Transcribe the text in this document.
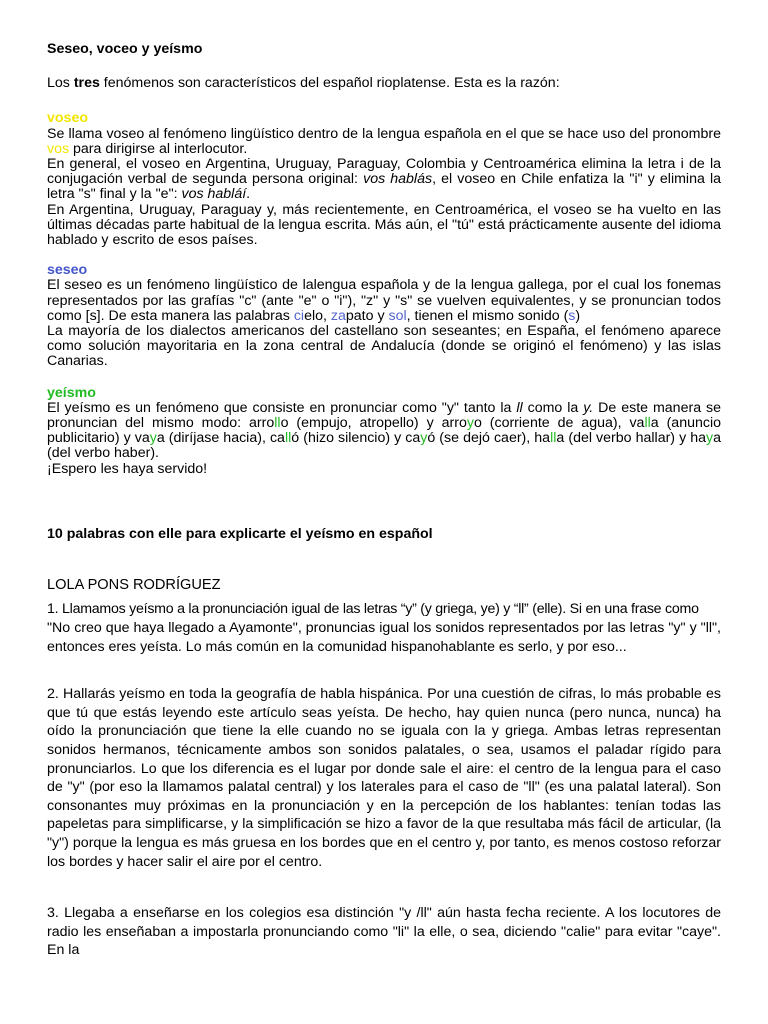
Seseo, voceo y yeísmo

Los tres fenómenos son característicos del español rioplatense. Esta es la razón:

voseo

Se llama voseo al fenómeno lingüístico dentro de la lengua española en el que se hace uso del pronombre vos para dirigirse al interlocutor.

En general, el voseo en Argentina, Uruguay, Paraguay, Colombia y Centroamérica elimina la letra i de la conjugación verbal de segunda persona original: vos hablás, el voseo en Chile enfatiza la "i" y elimina la letra "s" final y la "e": vos habláí.

En Argentina, Uruguay, Paraguay y, más recientemente, en Centroamérica, el voseo se ha vuelto en las últimas décadas parte habitual de la lengua escrita. Más aún, el "tú" está prácticamente ausente del idioma hablado y escrito de esos países.

seseo

El seseo es un fenómeno lingüístico de lalengua española y de la lengua gallega, por el cual los fonemas representados por las grafías "c" (ante "e" o "i"), "z" y "s" se vuelven equivalentes, y se pronuncian todos como [s]. De esta manera las palabras cielo, zapato y sol, tienen el mismo sonido (s)

La mayoría de los dialectos americanos del castellano son seseantes; en España, el fenómeno aparece como solución mayoritaria en la zona central de Andalucía (donde se originó el fenómeno) y las islas Canarias.

yeísmo

El yeísmo es un fenómeno que consiste en pronunciar como "y" tanto la ll como la y. De este manera se pronuncian del mismo modo: arrollo (empujo, atropello) y arroyo (corriente de agua), valla (anuncio publicitario) y vaya (diríjase hacia), calló (hizo silencio) y cayó (se dejó caer), halla (del verbo hallar) y haya (del verbo haber).

¡Espero les haya servido!

10 palabras con elle para explicarte el yeísmo en español

LOLA PONS RODRÍGUEZ

1. Llamamos yeísmo a la pronunciación igual de las letras “y” (y griega, ye) y “ll” (elle). Si en una frase como

"No creo que haya llegado a Ayamonte", pronuncias igual los sonidos representados por las letras "y" y "ll", entonces eres yeísta. Lo más común en la comunidad hispanohablante es serlo, y por eso...

2. Hallarás yeísmo en toda la geografía de habla hispánica. Por una cuestión de cifras, lo más probable es que tú que estás leyendo este artículo seas yeísta. De hecho, hay quien nunca (pero nunca, nunca) ha oído la pronunciación que tiene la elle cuando no se iguala con la y griega. Ambas letras representan sonidos hermanos, técnicamente ambos son sonidos palatales, o sea, usamos el paladar rígido para pronunciarlos. Lo que los diferencia es el lugar por donde sale el aire: el centro de la lengua para el caso de "y" (por eso la llamamos palatal central) y los laterales para el caso de "ll" (es una palatal lateral). Son consonantes muy próximas en la pronunciación y en la percepción de los hablantes: tenían todas las papeletas para simplificarse, y la simplificación se hizo a favor de la que resultaba más fácil de articular, (la "y") porque la lengua es más gruesa en los bordes que en el centro y, por tanto, es menos costoso reforzar los bordes y hacer salir el aire por el centro.

3. Llegaba a enseñarse en los colegios esa distinción "y /ll" aún hasta fecha reciente. A los locutores de radio les enseñaban a impostarla pronunciando como "li" la elle, o sea, diciendo "calie" para evitar "caye". En la
